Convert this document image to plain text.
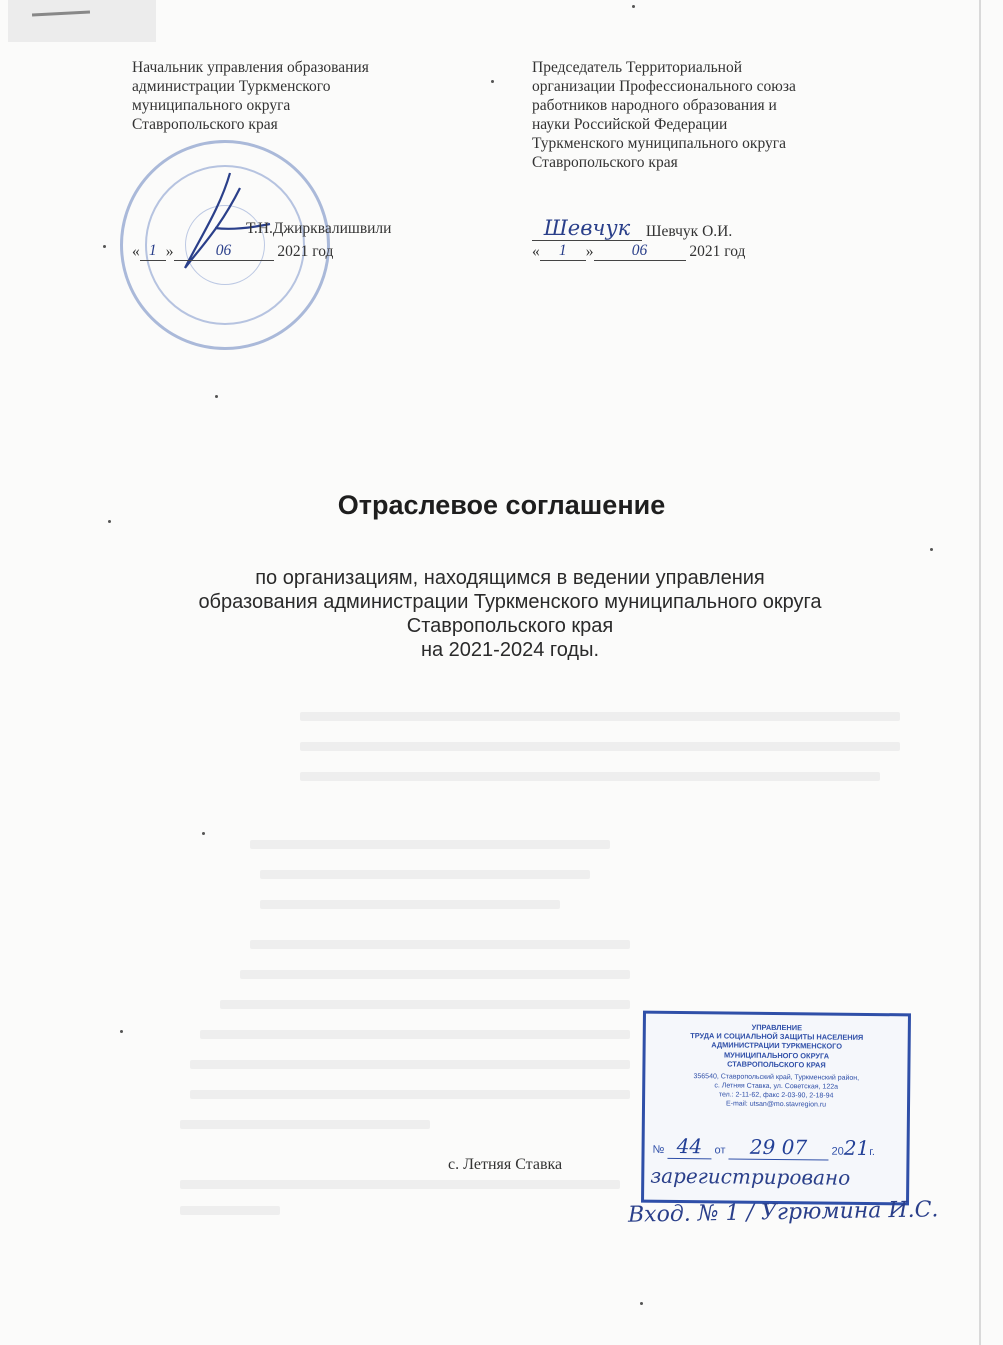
Начальник управления образования
администрации Туркменского
муниципального округа
Ставропольского края
Т.Н.Джирквалишвили
« 1 »	06	2021 год
Председатель Территориальной
организации Профессионального союза
работников народного образования и
науки Российской Федерации
Туркменского муниципального округа
Ставропольского края
Шевчук Шевчук О.И.
« 1 » 06	2021 год
Отраслевое соглашение
по организациям, находящимся в ведении управления
образования администрации Туркменского муниципального округа
Ставропольского края
на 2021-2024 годы.
с. Летняя Ставка
УПРАВЛЕНИЕ
ТРУДА И СОЦИАЛЬНОЙ ЗАЩИТЫ НАСЕЛЕНИЯ
АДМИНИСТРАЦИИ ТУРКМЕНСКОГО
МУНИЦИПАЛЬНОГО ОКРУГА
СТАВРОПОЛЬСКОГО КРАЯ
356540, Ставропольский край, Туркменский район,
с. Летняя Ставка, ул. Советская, 122а
тел.: 2-11-62, факс 2-03-90, 2-18-94
E-mail: utsan@mo.stavregion.ru
№ 44 от 29 07 2021г.
зарегистрировано
Вход. № 1 / Угрюмина И.С.
